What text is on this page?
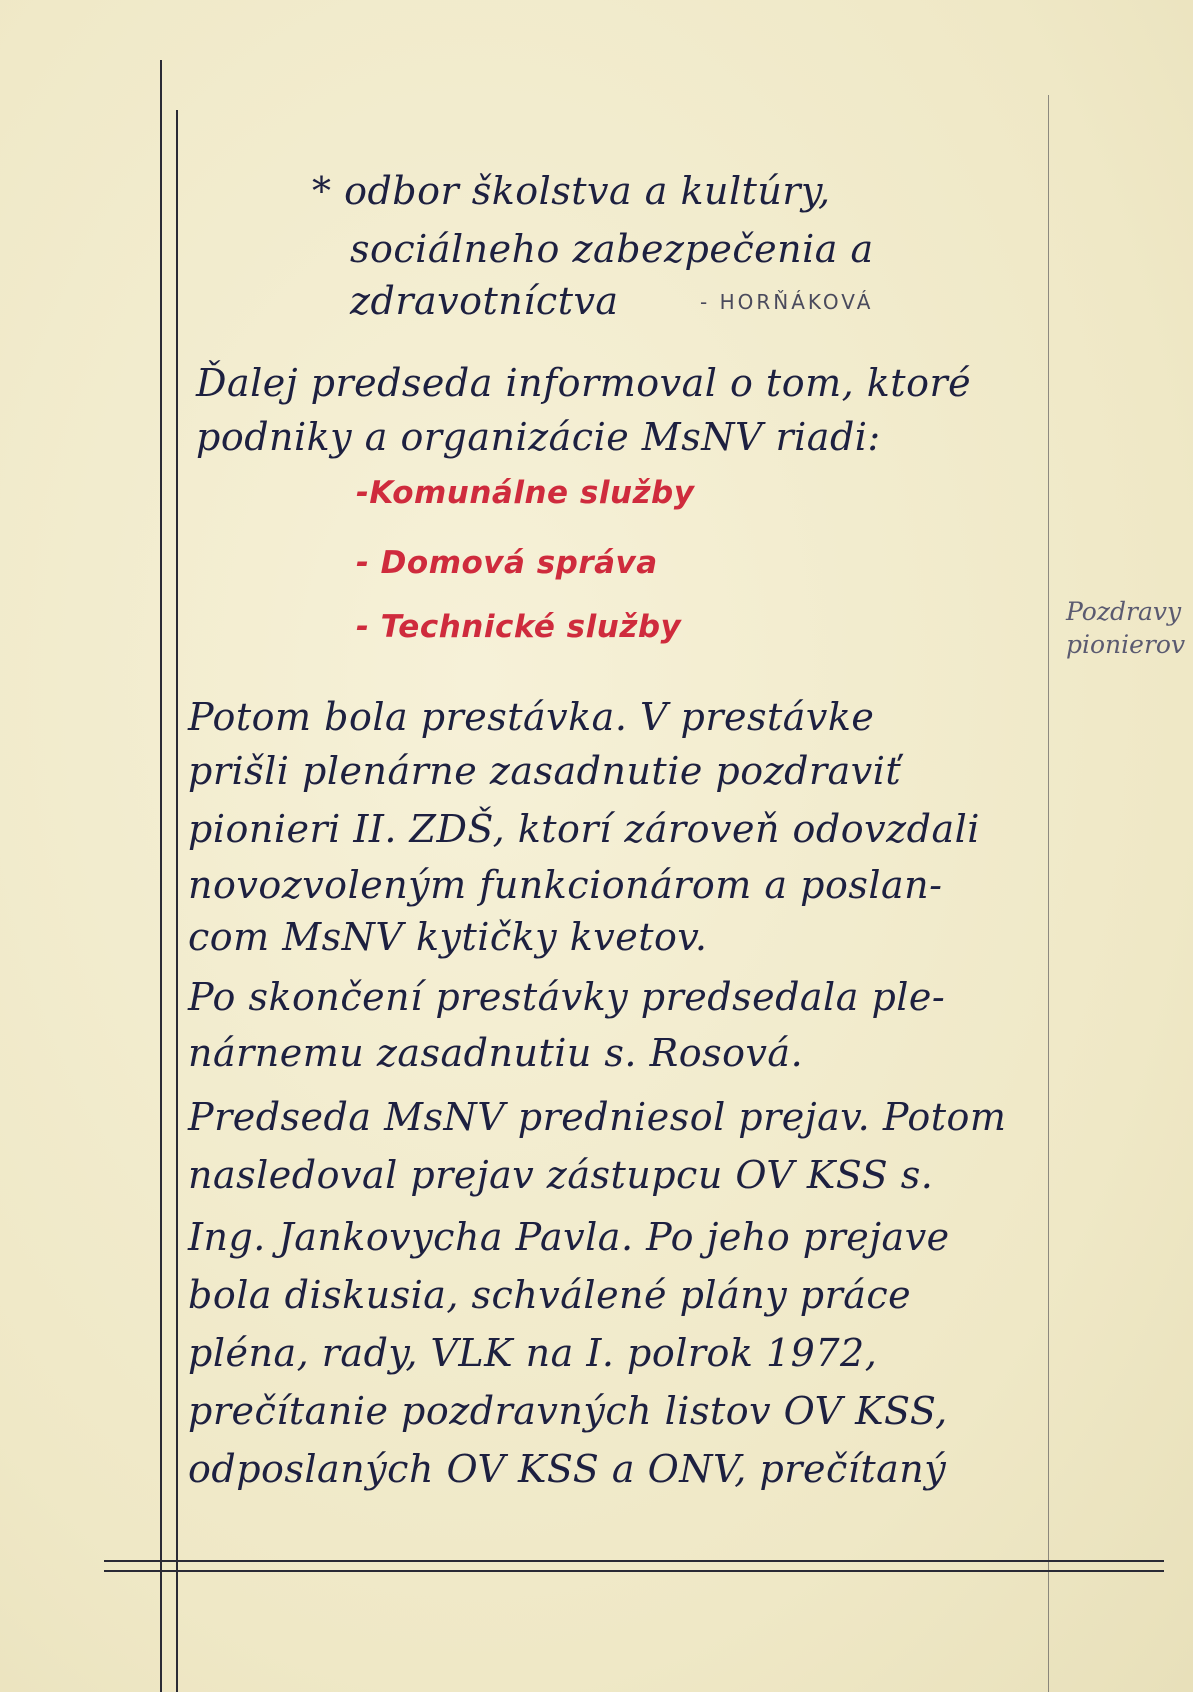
* odbor školstva a kultúry,
sociálneho zabezpečenia a
zdravotníctva	- HORŇÁKOVÁ
Ďalej predseda informoval o tom, ktoré
podniky a organizácie MsNV riadi:
-Komunálne služby
- Domová správa
- Technické služby
Potom bola prestávka. V prestávke
prišli plenárne zasadnutie pozdraviť
pionieri II. ZDŠ, ktorí zároveň odovzdali
novozvoleným funkcionárom a poslan-
com MsNV kytičky kvetov.
Po skončení prestávky predsedala ple-
nárnemu zasadnutiu s. Rosová.
Predseda MsNV predniesol prejav. Potom
nasledoval prejav zástupcu OV KSS s.
Ing. Jankovycha Pavla. Po jeho prejave
bola diskusia, schválené plány práce
pléna, rady, VLK na I. polrok 1972,
prečítanie pozdravných listov OV KSS,
odposlaných OV KSS a ONV, prečítaný
Pozdravy
pionierov
